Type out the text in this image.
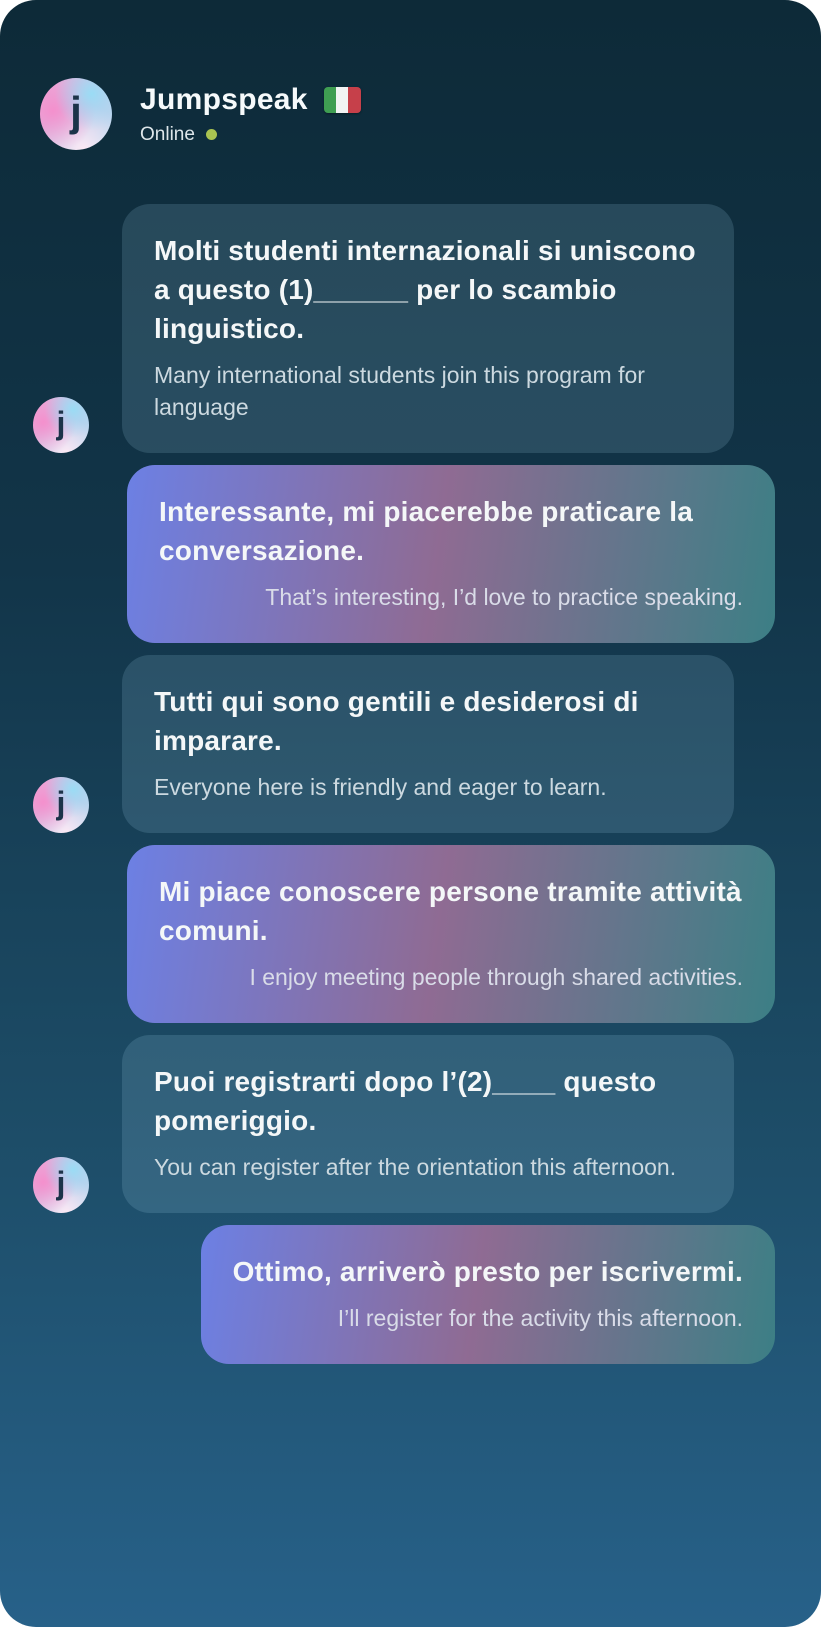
j Jumpspeak
Online
j

Molti studenti internazionali si uniscono a questo (1)______ per lo scambio linguistico.

Many international students join this program for language

Interessante, mi piacerebbe praticare la conversazione.

That’s interesting, I’d love to practice speaking.

j

Tutti qui sono gentili e desiderosi di imparare.

Everyone here is friendly and eager to learn.

Mi piace conoscere persone tramite attività comuni.

I enjoy meeting people through shared activities.

j

Puoi registrarti dopo l’(2)____ questo pomeriggio.

You can register after the orientation this afternoon.

Ottimo, arriverò presto per iscrivermi.

I’ll register for the activity this afternoon.
